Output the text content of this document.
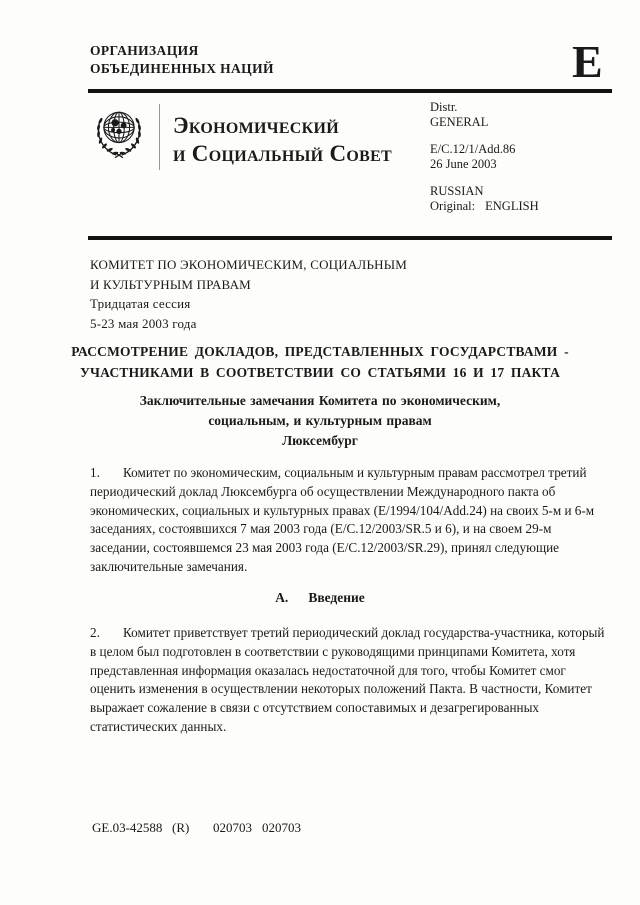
ОРГАНИЗАЦИЯ
ОБЪЕДИНЕННЫХ НАЦИЙ	E
Экономический
и Социальный Совет
Distr.
GENERAL
E/C.12/1/Add.86
26 June 2003
RUSSIAN
Original: ENGLISH
КОМИТЕТ ПО ЭКОНОМИЧЕСКИМ, СОЦИАЛЬНЫМ
И КУЛЬТУРНЫМ ПРАВАМ
Тридцатая сессия
5-23 мая 2003 года
РАССМОТРЕНИЕ ДОКЛАДОВ, ПРЕДСТАВЛЕННЫХ ГОСУДАРСТВАМИ -
УЧАСТНИКАМИ В СООТВЕТСТВИИ СО СТАТЬЯМИ 16 И 17 ПАКТА
Заключительные замечания Комитета по экономическим,
социальным, и культурным правам
Люксембург
1. Комитет по экономическим, социальным и культурным правам рассмотрел третий периодический доклад Люксембурга об осуществлении Международного пакта об экономических, социальных и культурных правах (E/1994/104/Add.24) на своих 5-м и 6-м заседаниях, состоявшихся 7 мая 2003 года (E/C.12/2003/SR.5 и 6), и на своем 29-м заседании, состоявшемся 23 мая 2003 года (E/C.12/2003/SR.29), принял следующие заключительные замечания.
А. Введение
2. Комитет приветствует третий периодический доклад государства-участника, который в целом был подготовлен в соответствии с руководящими принципами Комитета, хотя представленная информация оказалась недостаточной для того, чтобы Комитет смог оценить изменения в осуществлении некоторых положений Пакта. В частности, Комитет выражает сожаление в связи с отсутствием сопоставимых и дезагрегированных статистических данных.
GE.03-42588 (R) 020703 020703
